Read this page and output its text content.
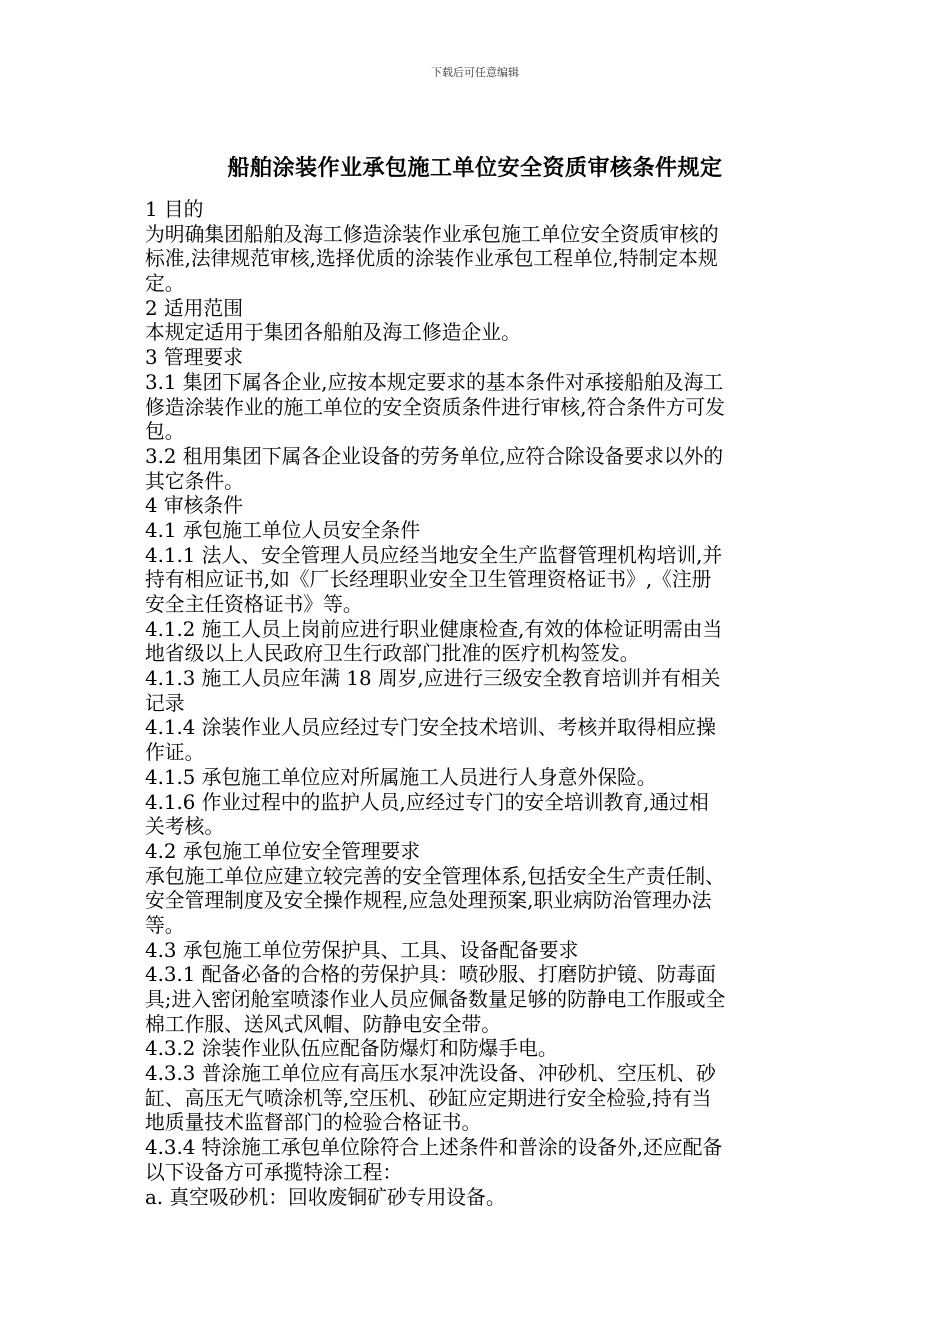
下载后可任意编辑
船舶涂装作业承包施工单位安全资质审核条件规定
1 目的
为明确集团船舶及海工修造涂装作业承包施工单位安全资质审核的
标准,法律规范审核,选择优质的涂装作业承包工程单位,特制定本规
定。
2 适用范围
本规定适用于集团各船舶及海工修造企业。
3 管理要求
3.1 集团下属各企业,应按本规定要求的基本条件对承接船舶及海工
修造涂装作业的施工单位的安全资质条件进行审核,符合条件方可发
包。
3.2 租用集团下属各企业设备的劳务单位,应符合除设备要求以外的
其它条件。
4 审核条件
4.1 承包施工单位人员安全条件
4.1.1 法人、安全管理人员应经当地安全生产监督管理机构培训,并
持有相应证书,如《厂长经理职业安全卫生管理资格证书》,《注册
安全主任资格证书》等。
4.1.2 施工人员上岗前应进行职业健康检查,有效的体检证明需由当
地省级以上人民政府卫生行政部门批准的医疗机构签发。
4.1.3 施工人员应年满 18 周岁,应进行三级安全教育培训并有相关
记录
4.1.4 涂装作业人员应经过专门安全技术培训、考核并取得相应操
作证。
4.1.5 承包施工单位应对所属施工人员进行人身意外保险。
4.1.6 作业过程中的监护人员,应经过专门的安全培训教育,通过相
关考核。
4.2 承包施工单位安全管理要求
承包施工单位应建立较完善的安全管理体系,包括安全生产责任制、
安全管理制度及安全操作规程,应急处理预案,职业病防治管理办法
等。
4.3 承包施工单位劳保护具、工具、设备配备要求
4.3.1 配备必备的合格的劳保护具：喷砂服、打磨防护镜、防毒面
具;进入密闭舱室喷漆作业人员应佩备数量足够的防静电工作服或全
棉工作服、送风式风帽、防静电安全带。
4.3.2 涂装作业队伍应配备防爆灯和防爆手电。
4.3.3 普涂施工单位应有高压水泵冲洗设备、冲砂机、空压机、砂
缸、高压无气喷涂机等,空压机、砂缸应定期进行安全检验,持有当
地质量技术监督部门的检验合格证书。
4.3.4 特涂施工承包单位除符合上述条件和普涂的设备外,还应配备
以下设备方可承揽特涂工程：
a. 真空吸砂机：回收废铜矿砂专用设备。
